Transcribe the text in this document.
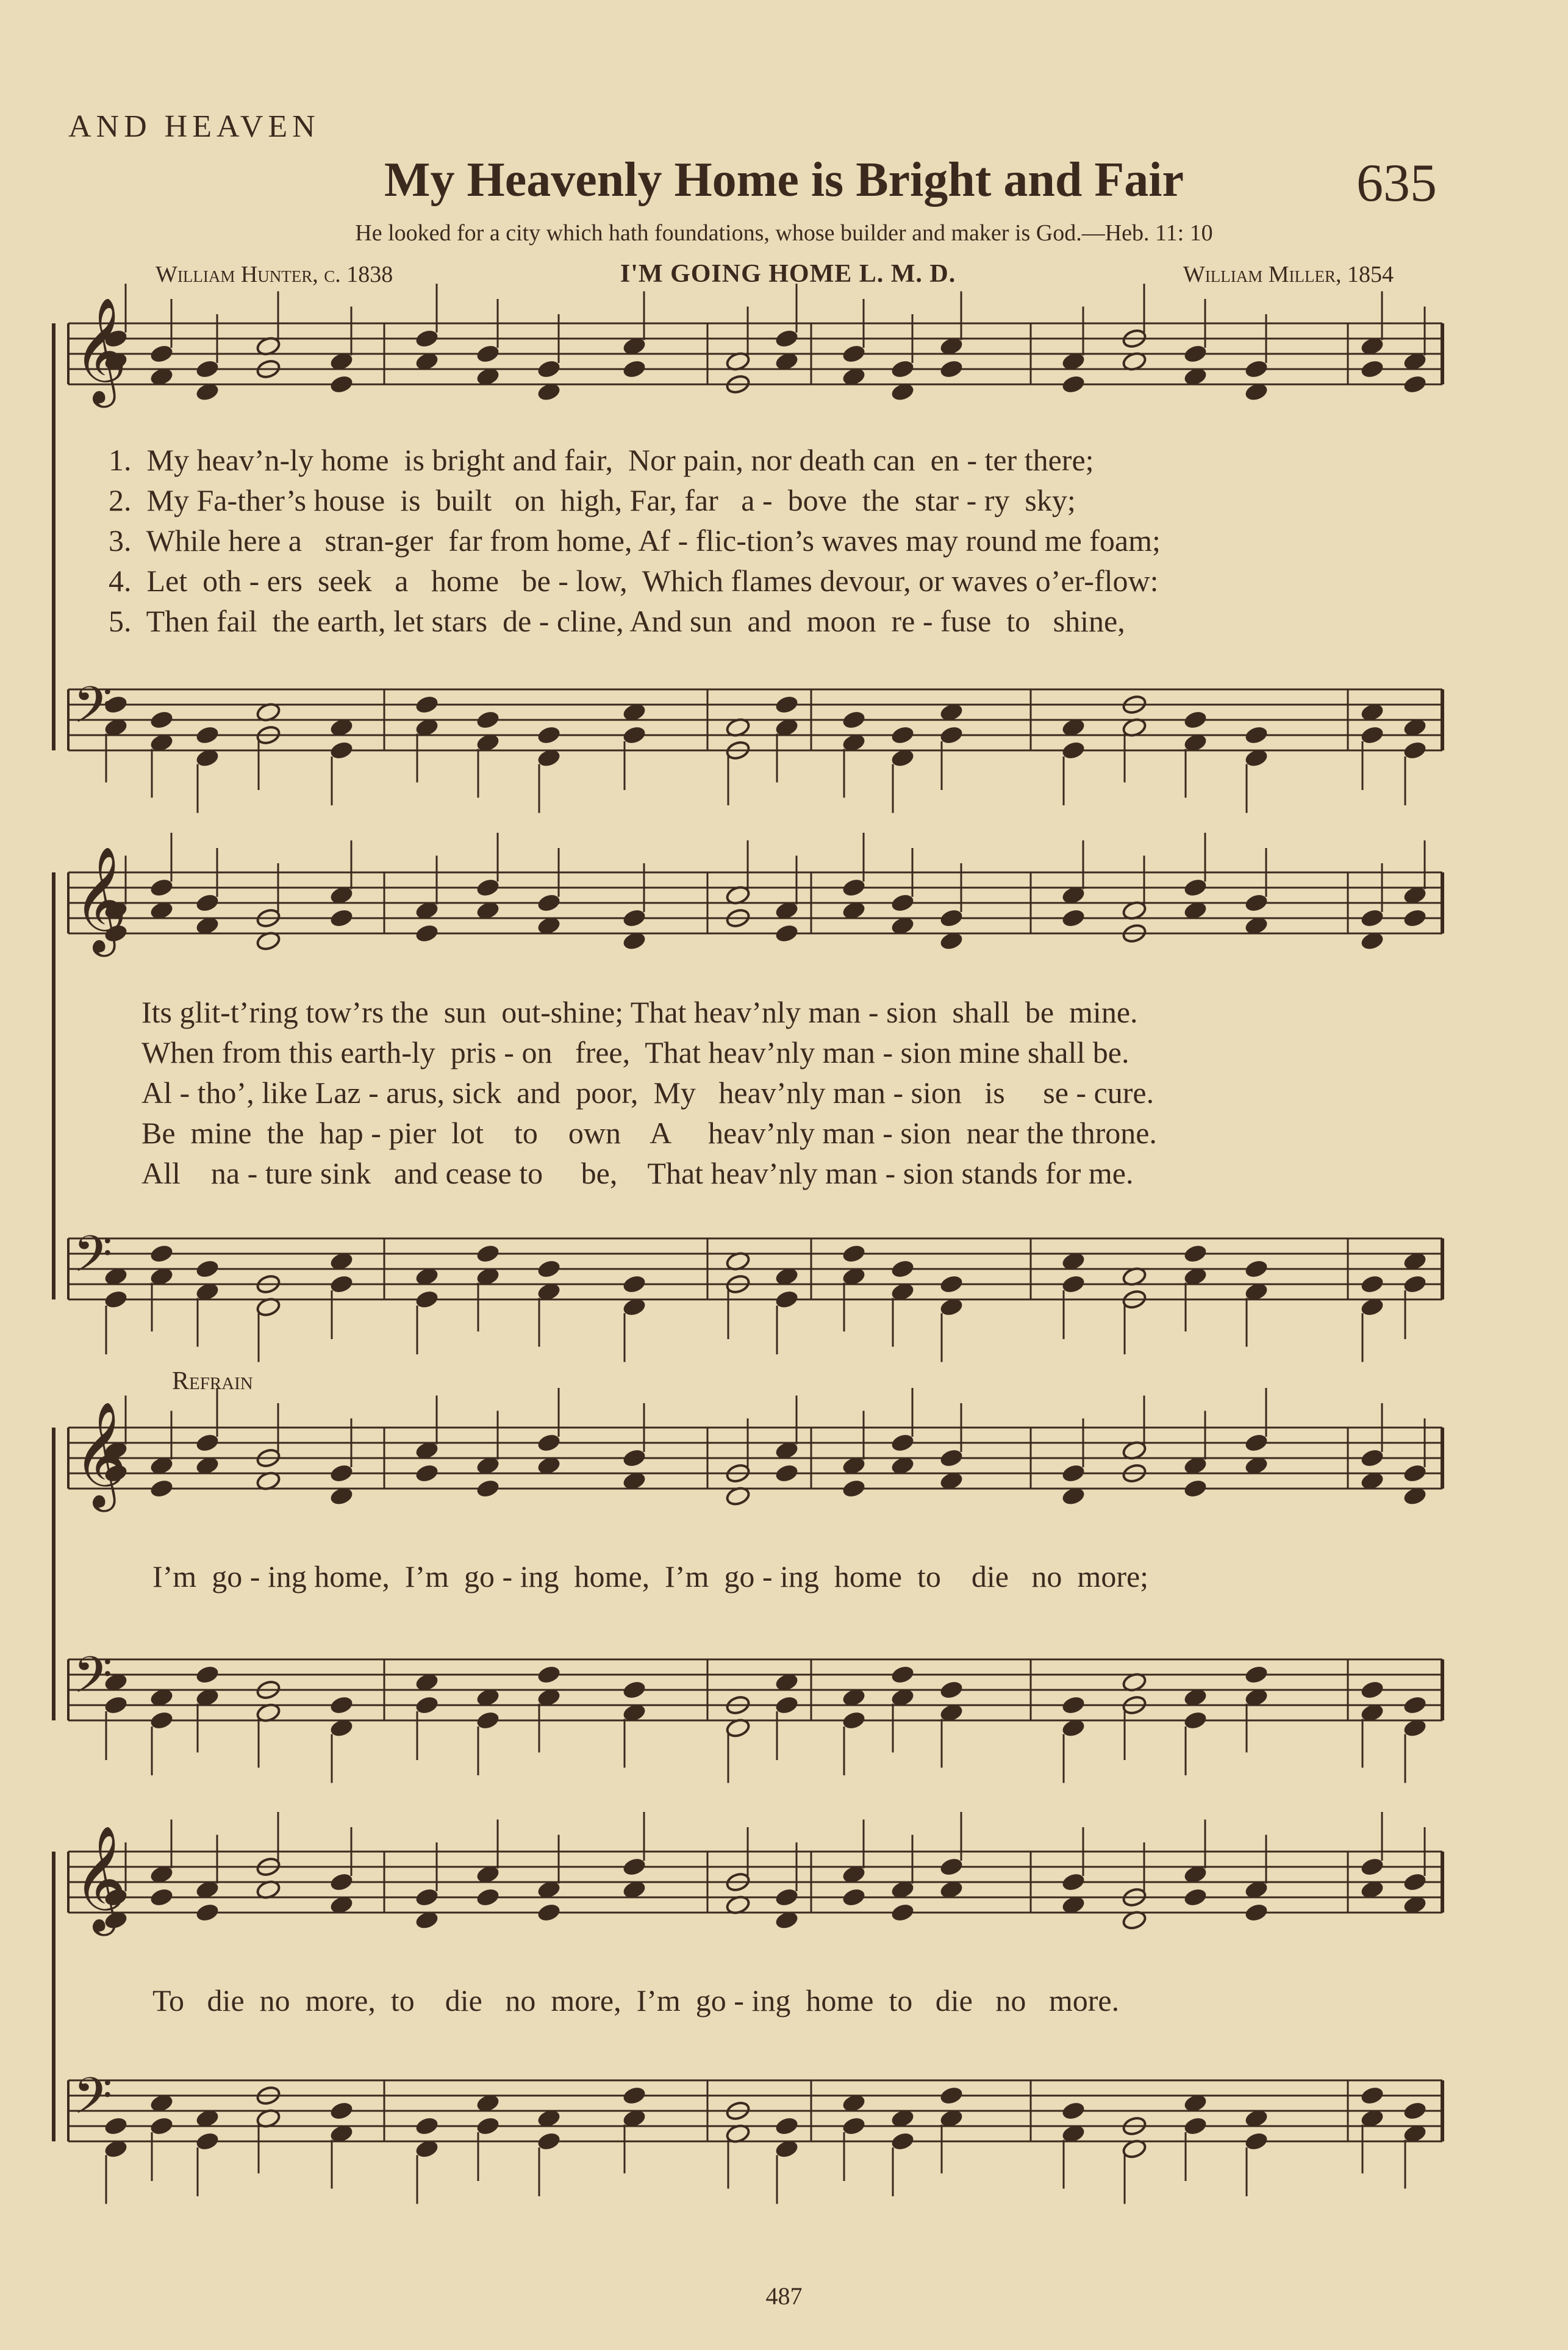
AND HEAVEN
My Heavenly Home is Bright and Fair	635
He looked for a city which hath foundations, whose builder and maker is God.—Heb. 11: 10
William Hunter, c. 1838	I'M GOING HOME L. M. D.	William Miller, 1854
𝄞
𝄢
𝄞
𝄢
𝄞
𝄢
𝄞
𝄢

1.  My heav’n-ly home  is bright and fair,  Nor pain, nor death can  en - ter there;

2.  My Fa-ther’s house  is  built   on  high, Far, far   a -  bove  the  star - ry  sky;

3.  While here a   stran-ger  far from home, Af - flic-tion’s waves may round me foam;

4.  Let  oth - ers  seek   a   home   be - low,  Which flames devour, or waves o’er-flow:

5.  Then fail  the earth, let stars  de - cline, And sun  and  moon  re - fuse  to   shine,

Its glit-t’ring tow’rs the  sun  out-shine; That heav’nly man - sion  shall  be  mine.

When from this earth-ly  pris - on   free,  That heav’nly man - sion mine shall be.

Al - tho’, like Laz - arus, sick  and  poor,  My   heav’nly man - sion   is     se - cure.

Be  mine  the  hap - pier  lot    to    own    A     heav’nly man - sion  near the throne.

All    na - ture sink   and cease to     be,    That heav’nly man - sion stands for me.

Refrain

I’m  go - ing home,  I’m  go - ing  home,  I’m  go - ing  home  to    die   no  more;

To   die  no  more,  to    die   no  more,  I’m  go - ing  home  to   die   no   more.

487
